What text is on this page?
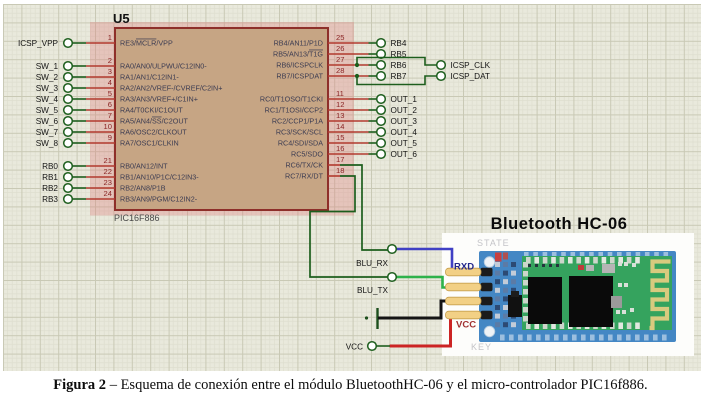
U5
PIC16F886
1
ICSP_VPP	RE3/MCLR/VPP
2
SW_1	RA0/AN0/ULPWU/C12IN0-
3
SW_2	RA1/AN1/C12IN1-
4
SW_3	RA2/AN2/VREF-/CVREF/C2IN+
5
SW_4	RA3/AN3/VREF+/C1IN+
6
SW_5	RA4/T0CKI/C1OUT
7
SW_6	RA5/AN4/SS/C2OUT
10
SW_7	RA6/OSC2/CLKOUT
9
SW_8	RA7/OSC1/CLKIN
21
RB0	RB0/AN12/INT
22
RB1	RB1/AN10/P1C/C12IN3-
23
RB2	RB2/AN8/P1B
24
RB3	RB3/AN9/PGM/C12IN2-
RB4/AN11/P1D
25
RB4
RB5/AN13/T1G
26
RB5
RB6/ICSPCLK
27
RB6	ICSP_CLK
RB7/ICSPDAT
28
RB7	ICSP_DAT
RC0/T1OSO/T1CKI
11
OUT_1
RC1/T1OSI/CCP2
12
OUT_2
RC2/CCP1/P1A
13
OUT_3
RC3/SCK/SCL
14
OUT_4
RC4/SDI/SDA
15
OUT_5
RC5/SDO
16
OUT_6
RC6/TX/CK
17
RC7/RX/DT
18
Bluetooth HC-06
STATE
KEY
RXD
VCC
BLU_RX
BLU_TX
VCC
Figura 2 – Esquema de conexión entre el módulo BluetoothHC-06 y el micro-controlador PIC16f886.
